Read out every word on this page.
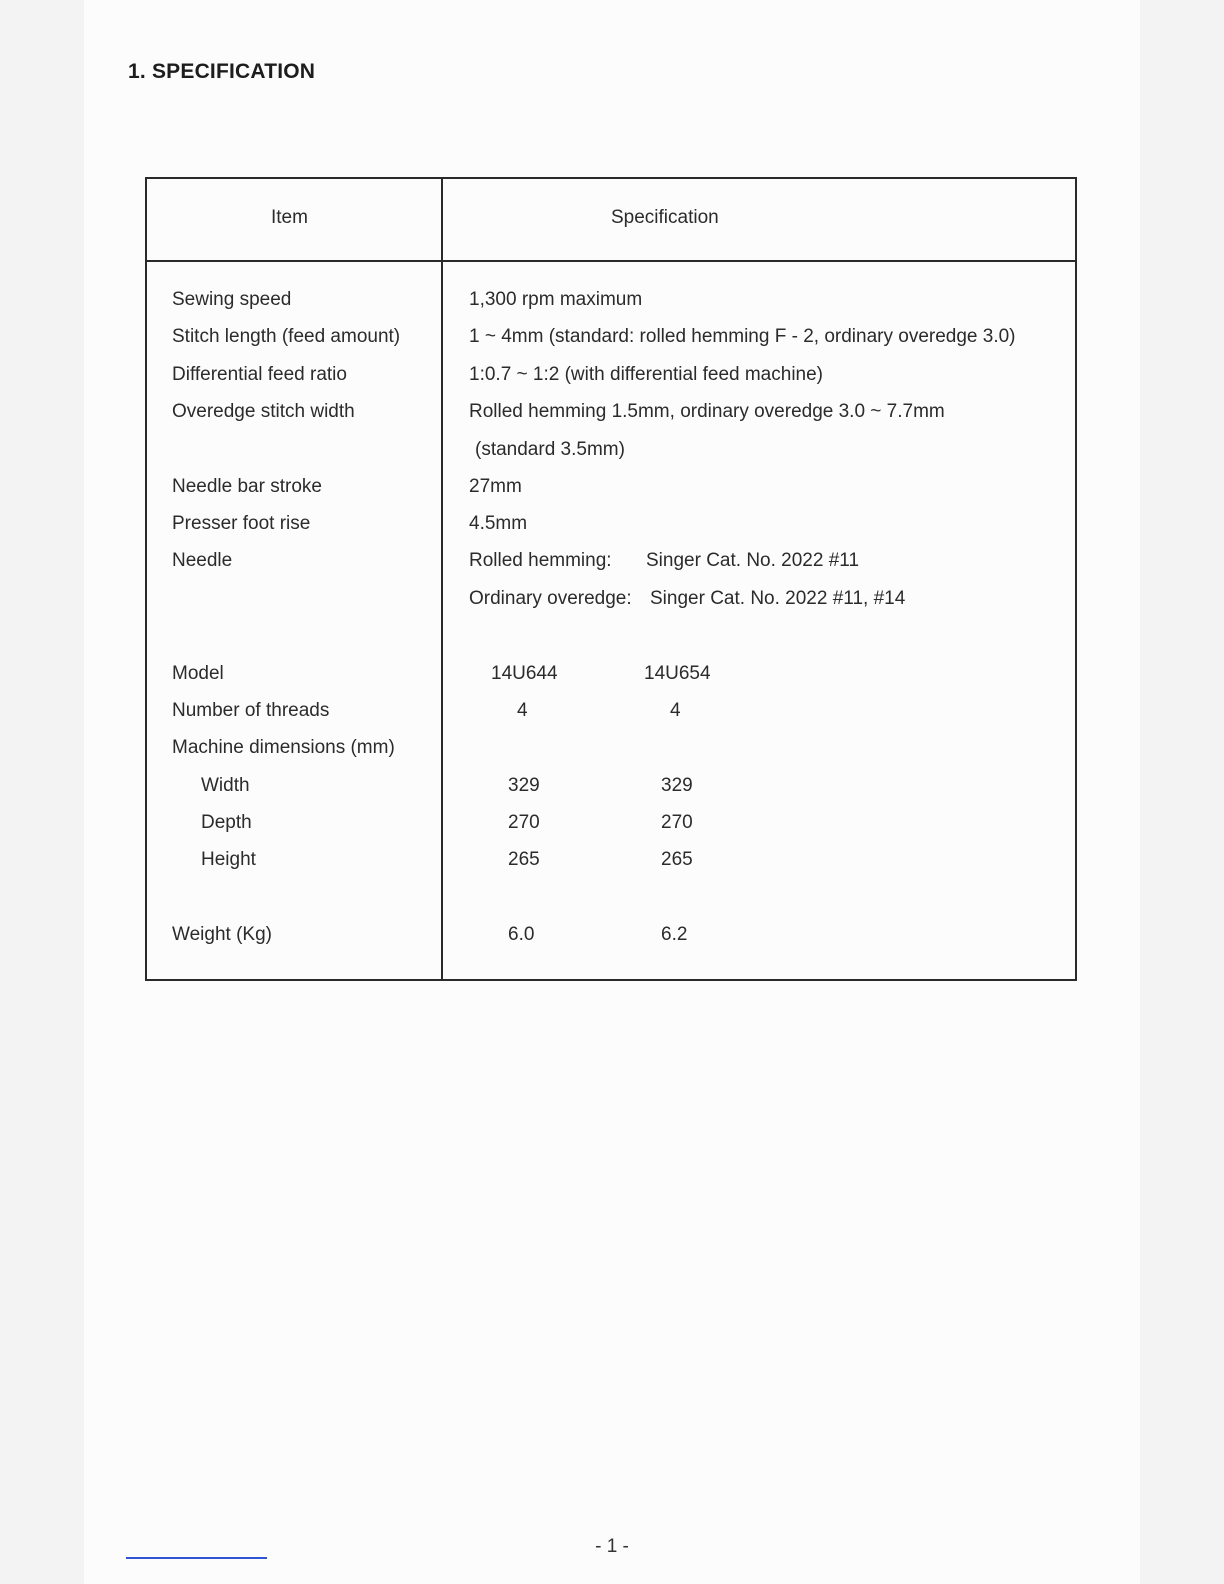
1. SPECIFICATION
Item	Specification
Sewing speed	1,300 rpm maximum
Stitch length (feed amount)	1 ~ 4mm (standard: rolled hemming F - 2, ordinary overedge 3.0)
Differential feed ratio	1:0.7 ~ 1:2 (with differential feed machine)
Overedge stitch width	Rolled hemming 1.5mm, ordinary overedge 3.0 ~ 7.7mm
(standard 3.5mm)
Needle bar stroke	27mm
Presser foot rise	4.5mm
Needle	Rolled hemming: Singer Cat. No. 2022 #11
Ordinary overedge: Singer Cat. No. 2022 #11, #14
Model	14U644	14U654
Number of threads	4	4
Machine dimensions (mm)
Width	329	329
Depth	270	270
Height	265	265
Weight (Kg)	6.0	6.2
- 1 -
